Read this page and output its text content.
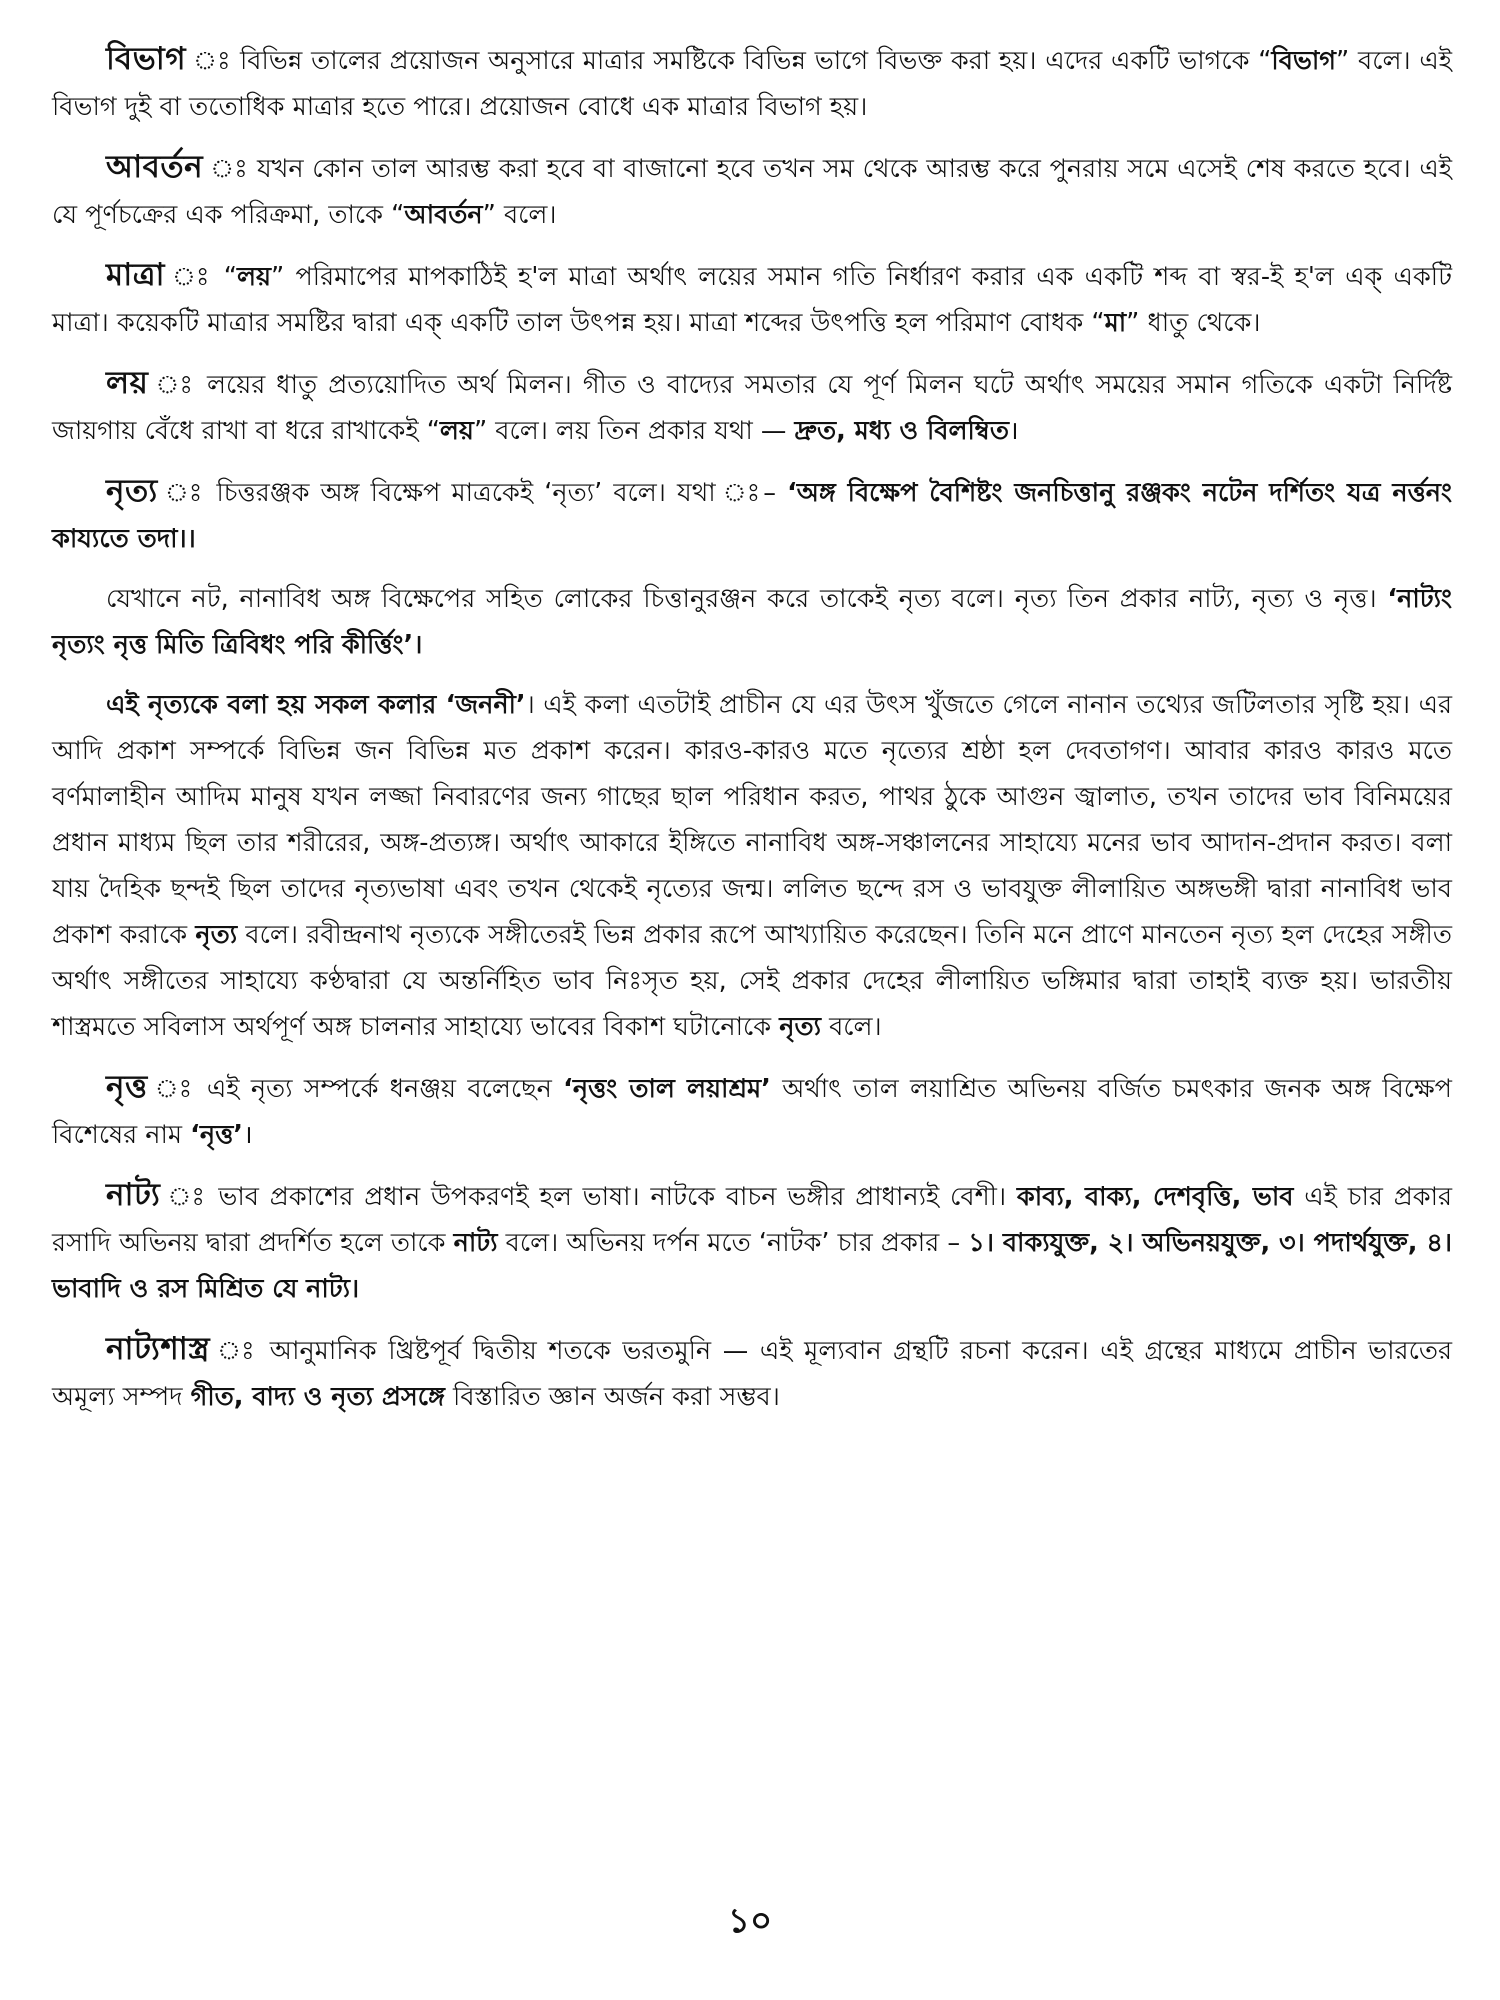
বিভাগ ঃ বিভিন্ন তালের প্রয়োজন অনুসারে মাত্রার সমষ্টিকে বিভিন্ন ভাগে বিভক্ত করা হয়। এদের একটি ভাগকে “বিভাগ” বলে। এই বিভাগ দুই বা ততোধিক মাত্রার হতে পারে। প্রয়োজন বোধে এক মাত্রার বিভাগ হয়।

আবর্তন ঃ যখন কোন তাল আরম্ভ করা হবে বা বাজানো হবে তখন সম থেকে আরম্ভ করে পুনরায় সমে এসেই শেষ করতে হবে। এই যে পূর্ণচক্রের এক পরিক্রমা, তাকে “আবর্তন” বলে।

মাত্রা ঃ “লয়” পরিমাপের মাপকাঠিই হ'ল মাত্রা অর্থাৎ লয়ের সমান গতি নির্ধারণ করার এক একটি শব্দ বা স্বর-ই হ'ল এক্ একটি মাত্রা। কয়েকটি মাত্রার সমষ্টির দ্বারা এক্ একটি তাল উৎপন্ন হয়। মাত্রা শব্দের উৎপত্তি হল পরিমাণ বোধক “মা” ধাতু থেকে।

লয় ঃ লয়ের ধাতু প্রত্যয়োদিত অর্থ মিলন। গীত ও বাদ্যের সমতার যে পূর্ণ মিলন ঘটে অর্থাৎ সময়ের সমান গতিকে একটা নির্দিষ্ট জায়গায় বেঁধে রাখা বা ধরে রাখাকেই “লয়” বলে। লয় তিন প্রকার যথা — দ্রুত, মধ্য ও বিলম্বিত।

নৃত্য ঃ চিত্তরঞ্জক অঙ্গ বিক্ষেপ মাত্রকেই ‘নৃত্য’ বলে। যথা ঃ– ‘অঙ্গ বিক্ষেপ বৈশিষ্টং জনচিত্তানু রঞ্জকং নটেন দর্শিতং যত্র নর্ত্তনং কায্যতে তদা।।

যেখানে নট, নানাবিধ অঙ্গ বিক্ষেপের সহিত লোকের চিত্তানুরঞ্জন করে তাকেই নৃত্য বলে। নৃত্য তিন প্রকার নাট্য, নৃত্য ও নৃত্ত। ‘নাট্যং নৃত্যং নৃত্ত মিতি ত্রিবিধং পরি কীর্ত্তিং’।

এই নৃত্যকে বলা হয় সকল কলার ‘জননী’। এই কলা এতটাই প্রাচীন যে এর উৎস খুঁজতে গেলে নানান তথ্যের জটিলতার সৃষ্টি হয়। এর আদি প্রকাশ সম্পর্কে বিভিন্ন জন বিভিন্ন মত প্রকাশ করেন। কারও-কারও মতে নৃত্যের শ্রষ্ঠা হল দেবতাগণ। আবার কারও কারও মতে বর্ণমালাহীন আদিম মানুষ যখন লজ্জা নিবারণের জন্য গাছের ছাল পরিধান করত, পাথর ঠুকে আগুন জ্বালাত, তখন তাদের ভাব বিনিময়ের প্রধান মাধ্যম ছিল তার শরীরের, অঙ্গ-প্রত্যঙ্গ। অর্থাৎ আকারে ইঙ্গিতে নানাবিধ অঙ্গ-সঞ্চালনের সাহায্যে মনের ভাব আদান-প্রদান করত। বলা যায় দৈহিক ছন্দই ছিল তাদের নৃত্যভাষা এবং তখন থেকেই নৃত্যের জন্ম। ললিত ছন্দে রস ও ভাবযুক্ত লীলায়িত অঙ্গভঙ্গী দ্বারা নানাবিধ ভাব প্রকাশ করাকে নৃত্য বলে। রবীন্দ্রনাথ নৃত্যকে সঙ্গীতেরই ভিন্ন প্রকার রূপে আখ্যায়িত করেছেন। তিনি মনে প্রাণে মানতেন নৃত্য হল দেহের সঙ্গীত অর্থাৎ সঙ্গীতের সাহায্যে কণ্ঠদ্বারা যে অন্তর্নিহিত ভাব নিঃসৃত হয়, সেই প্রকার দেহের লীলায়িত ভঙ্গিমার দ্বারা তাহাই ব্যক্ত হয়। ভারতীয় শাস্ত্রমতে সবিলাস অর্থপূর্ণ অঙ্গ চালনার সাহায্যে ভাবের বিকাশ ঘটানোকে নৃত্য বলে।

নৃত্ত ঃ এই নৃত্য সম্পর্কে ধনঞ্জয় বলেছেন ‘নৃত্তং তাল লয়াশ্রম’ অর্থাৎ তাল লয়াশ্রিত অভিনয় বর্জিত চমৎকার জনক অঙ্গ বিক্ষেপ বিশেষের নাম ‘নৃত্ত’।

নাট্য ঃ ভাব প্রকাশের প্রধান উপকরণই হল ভাষা। নাটকে বাচন ভঙ্গীর প্রাধান্যই বেশী। কাব্য, বাক্য, দেশবৃত্তি, ভাব এই চার প্রকার রসাদি অভিনয় দ্বারা প্রদর্শিত হলে তাকে নাট্য বলে। অভিনয় দর্পন মতে ‘নাটক’ চার প্রকার – ১। বাক্যযুক্ত, ২। অভিনয়যুক্ত, ৩। পদার্থযুক্ত, ৪। ভাবাদি ও রস মিশ্রিত যে নাট্য।

নাট্যশাস্ত্র ঃ আনুমানিক খ্রিষ্টপূর্ব দ্বিতীয় শতকে ভরতমুনি — এই মূল্যবান গ্রন্থটি রচনা করেন। এই গ্রন্থের মাধ্যমে প্রাচীন ভারতের অমূল্য সম্পদ গীত, বাদ্য ও নৃত্য প্রসঙ্গে বিস্তারিত জ্ঞান অর্জন করা সম্ভব।

১০
